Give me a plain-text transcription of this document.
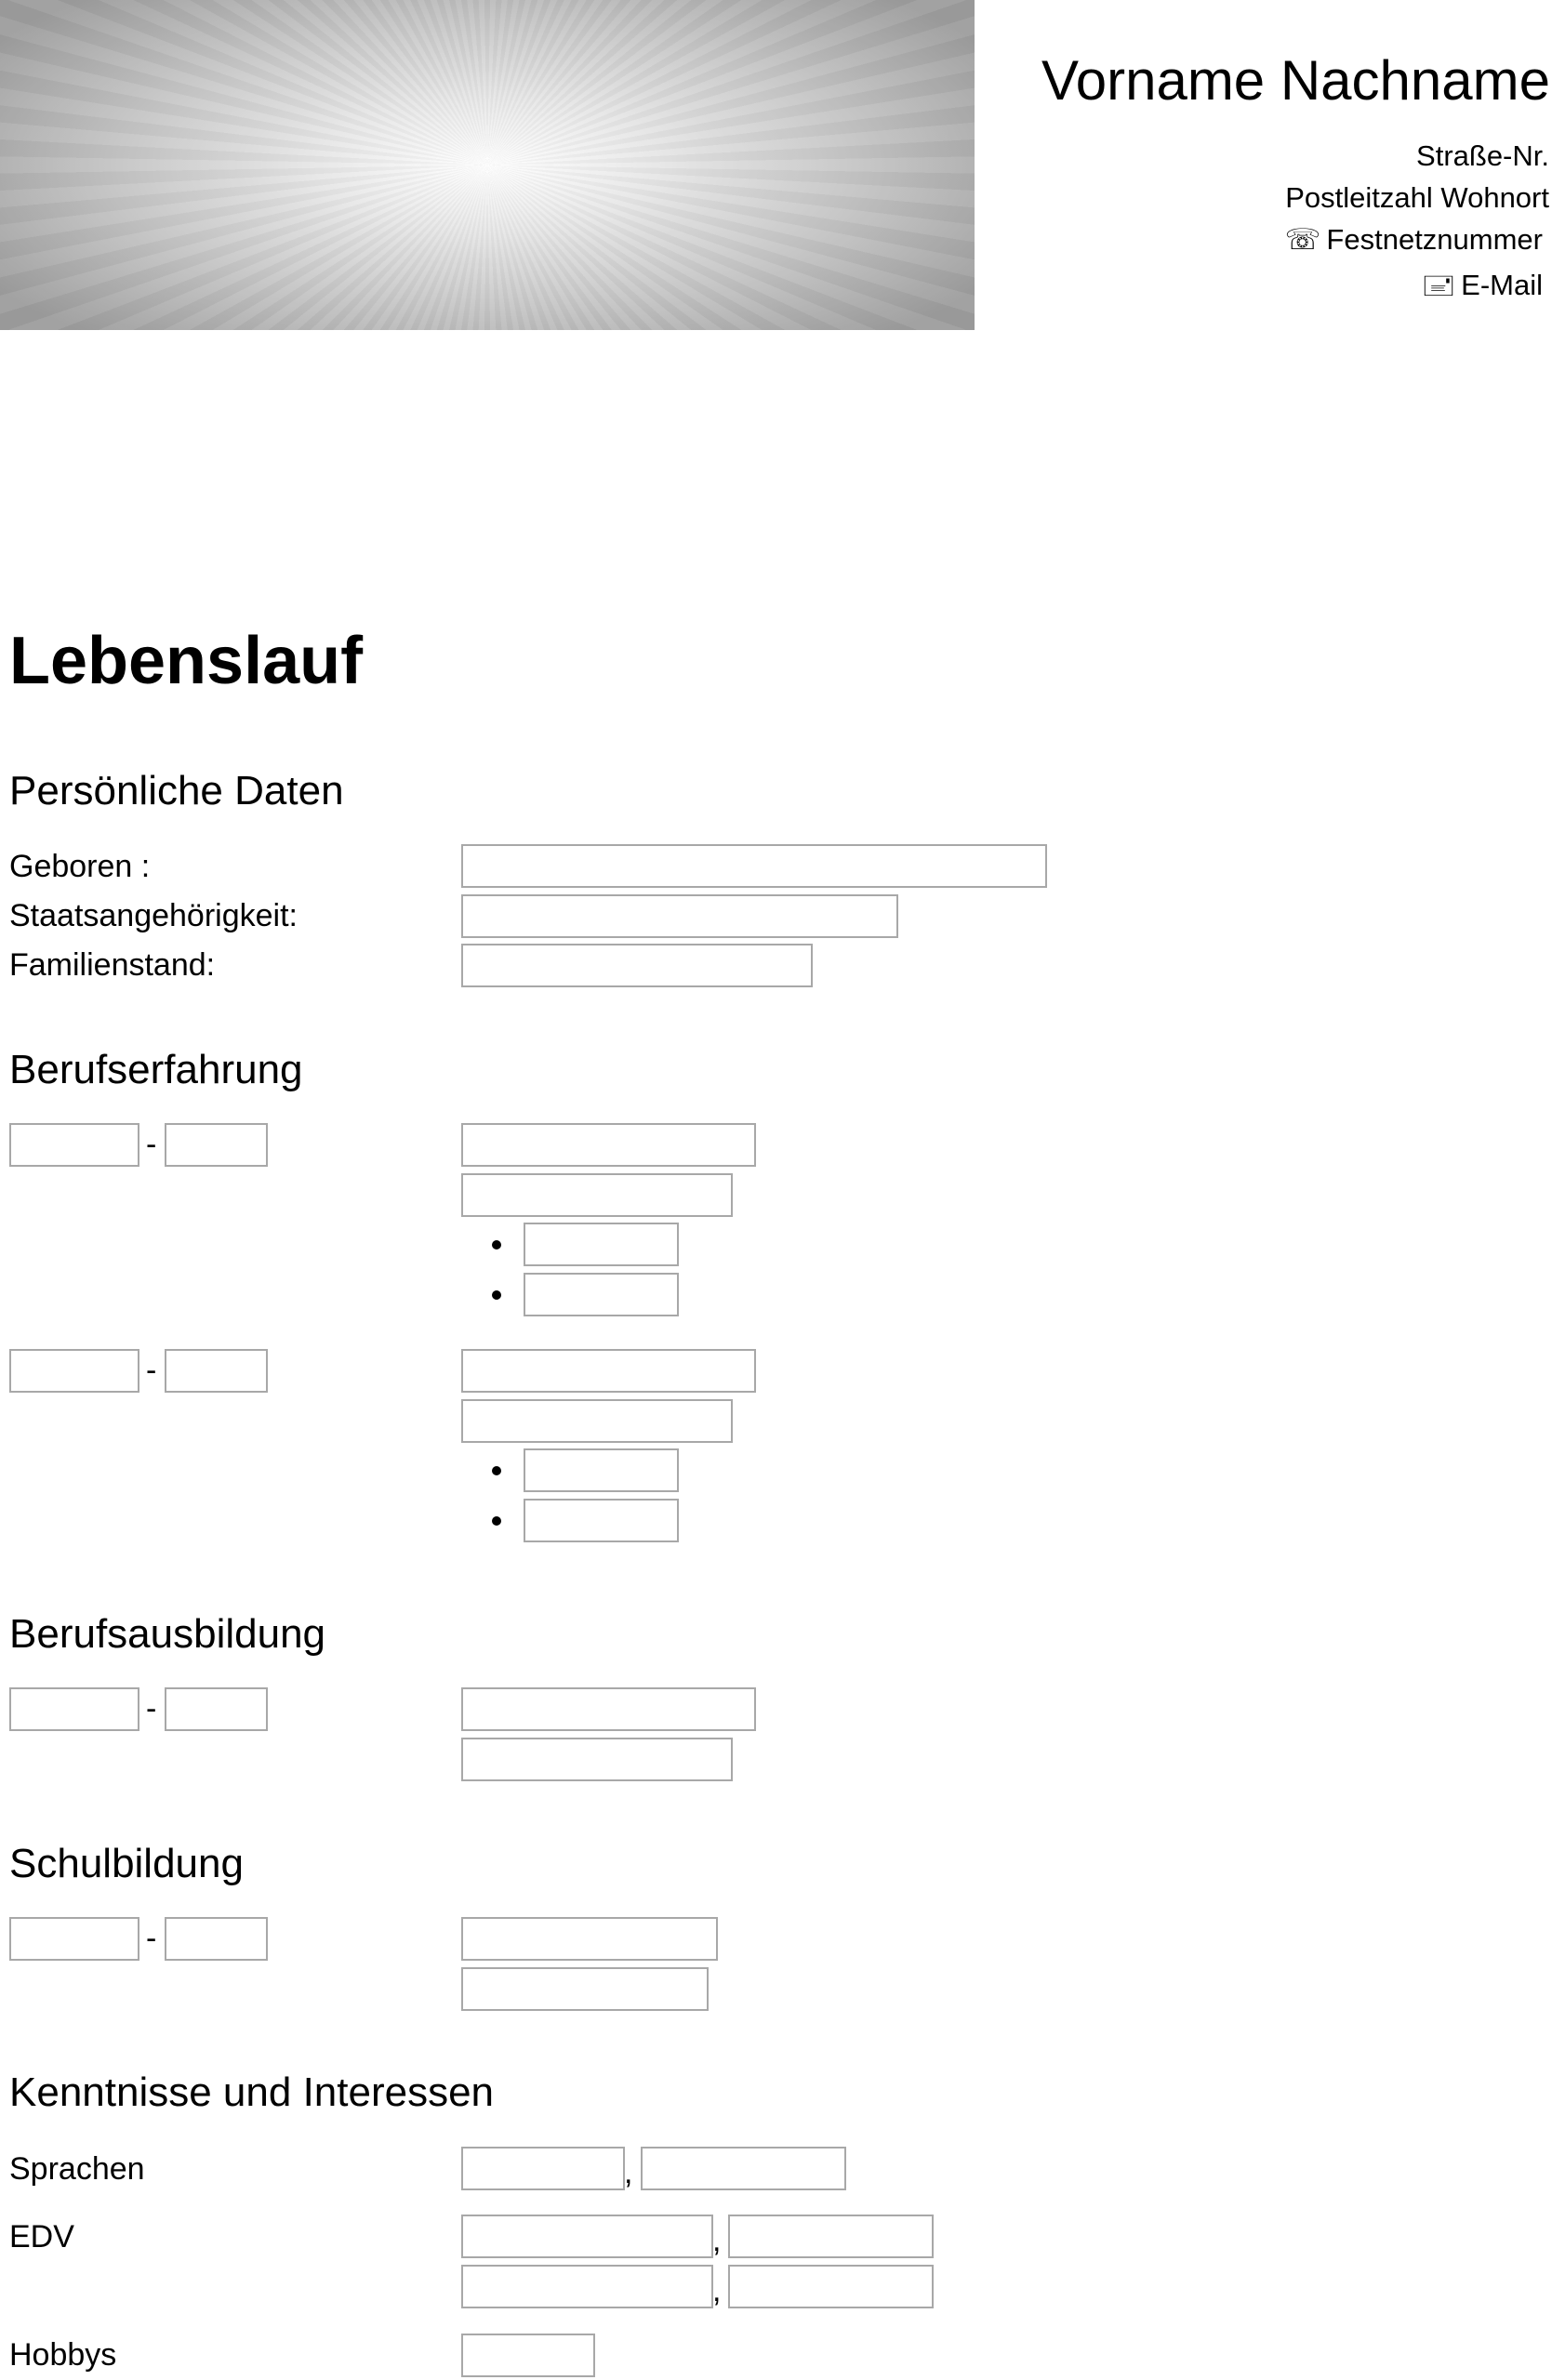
Vorname Nachname
Straße-Nr.
Postleitzahl Wohnort
☏ Festnetznummer
🖃 E-Mail
Lebenslauf
Persönliche Daten
Geboren :
Staatsangehörigkeit:
Familienstand:
Berufserfahrung
-
-
Berufsausbildung
-
Schulbildung
-
Kenntnisse und Interessen
Sprachen	,
EDV	,
,
Hobbys
